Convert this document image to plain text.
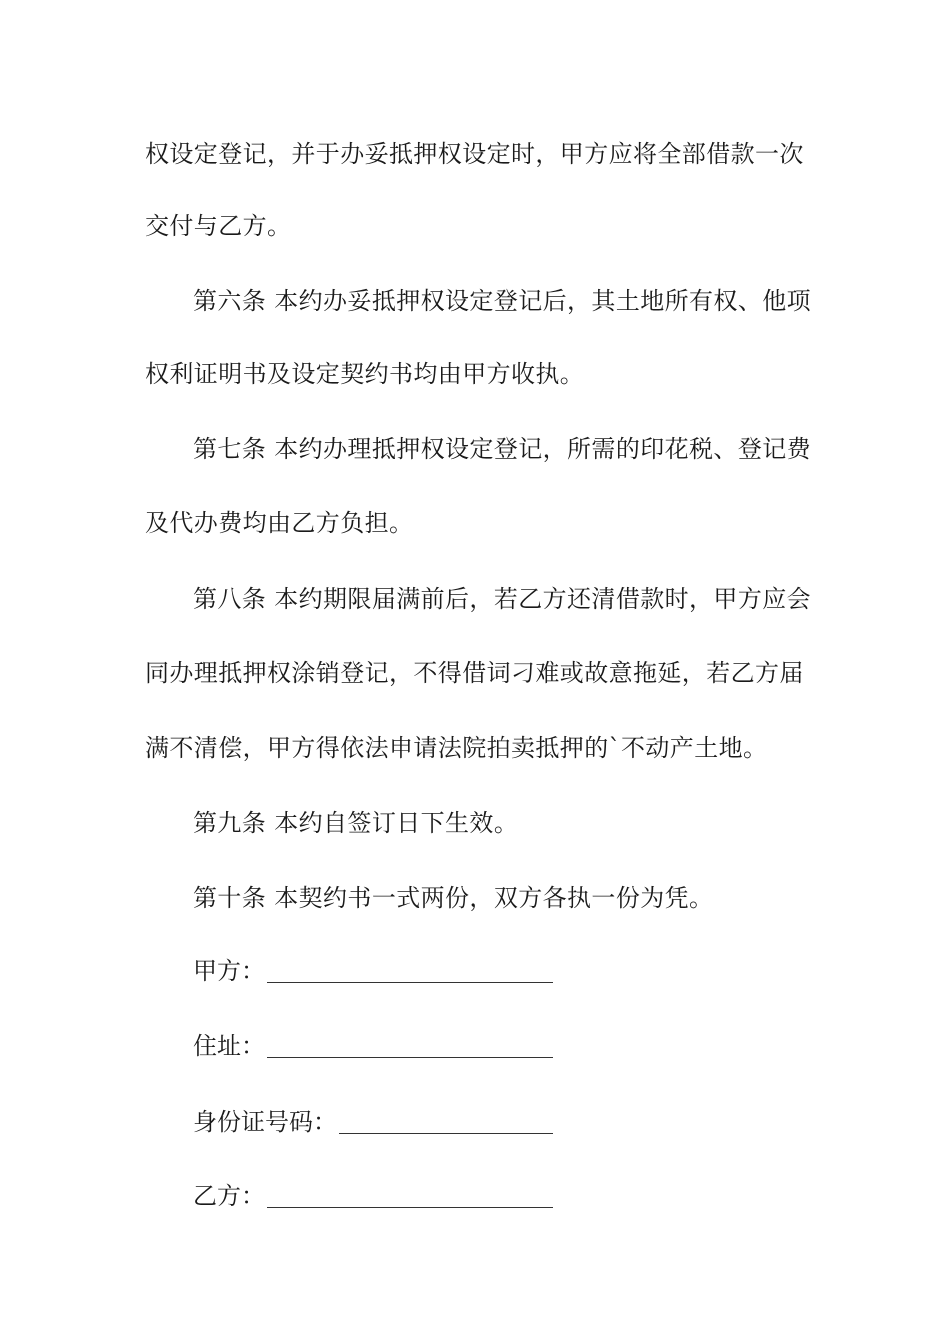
权设定登记，并于办妥抵押权设定时，甲方应将全部借款一次
交付与乙方。
第六条 本约办妥抵押权设定登记后，其土地所有权、他项
权利证明书及设定契约书均由甲方收执。
第七条 本约办理抵押权设定登记，所需的印花税、登记费
及代办费均由乙方负担。
第八条 本约期限届满前后，若乙方还清借款时，甲方应会
同办理抵押权涂销登记，不得借词刁难或故意拖延，若乙方届
满不清偿，甲方得依法申请法院拍卖抵押的`不动产土地。
第九条 本约自签订日下生效。
第十条 本契约书一式两份，双方各执一份为凭。
甲方：
住址：
身份证号码：
乙方：
